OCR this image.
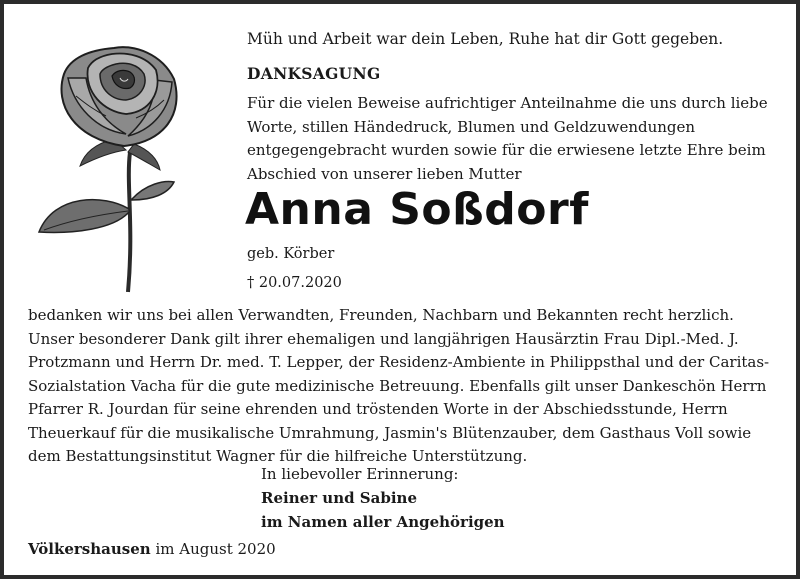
Müh und Arbeit war dein Leben, Ruhe hat dir Gott gegeben.
DANKSAGUNG
Für die vielen Beweise aufrichtiger Anteilnahme die uns durch liebe Worte, stillen Händedruck, Blumen und Geldzuwendungen entgegengebracht wurden sowie für die erwiesene letzte Ehre beim Abschied von unserer lieben Mutter
Anna Soßdorf
geb. Körber
† 20.07.2020

bedanken wir uns bei allen Verwandten, Freunden, Nachbarn und Bekannten recht herzlich.

Unser besonderer Dank gilt ihrer ehemaligen und langjährigen Hausärztin Frau Dipl.-Med. J. Protzmann und Herrn Dr. med. T. Lepper, der Residenz-Ambiente in Philippsthal und der Caritas-Sozialstation Vacha für die gute medizinische Betreuung. Ebenfalls gilt unser Dankeschön Herrn Pfarrer R. Jourdan für seine ehrenden und tröstenden Worte in der Abschiedsstunde, Herrn Theuerkauf für die musikalische Umrahmung, Jasmin's Blütenzauber, dem Gasthaus Voll sowie dem Bestattungsinstitut Wagner für die hilfreiche Unterstützung.

In liebevoller Erinnerung:
Reiner und Sabine
im Namen aller Angehörigen
Völkershausen im August 2020
